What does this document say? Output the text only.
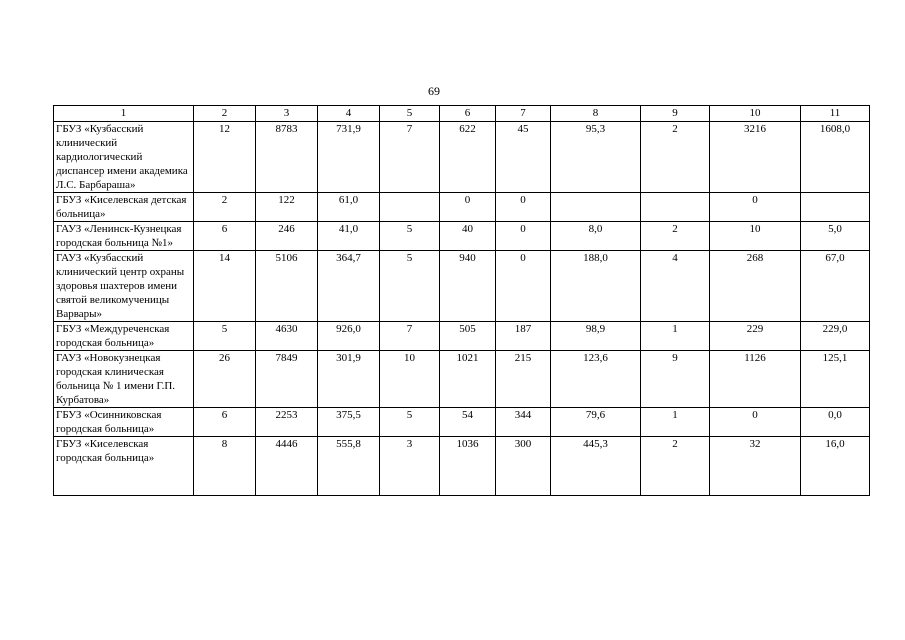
69
1	2	3	4	5	6	7	8	9	10	11
ГБУЗ «Кузбасский клинический кардиологический диспансер имени академика Л.С. Барбараша»	12	8783	731,9	7	622	45	95,3	2	3216	1608,0
ГБУЗ «Киселевская детская больница»	2	122	61,0		0	0			0	
ГАУЗ «Ленинск-Кузнецкая городская больница №1»	6	246	41,0	5	40	0	8,0	2	10	5,0
ГАУЗ «Кузбасский клинический центр охраны здоровья шахтеров имени святой великомученицы Варвары»	14	5106	364,7	5	940	0	188,0	4	268	67,0
ГБУЗ «Междуреченская городская больница»	5	4630	926,0	7	505	187	98,9	1	229	229,0
ГАУЗ «Новокузнецкая городская клиническая больница № 1 имени Г.П. Курбатова»	26	7849	301,9	10	1021	215	123,6	9	1126	125,1
ГБУЗ «Осинниковская городская больница»	6	2253	375,5	5	54	344	79,6	1	0	0,0
ГБУЗ «Киселевская городская больница»	8	4446	555,8	3	1036	300	445,3	2	32	16,0
